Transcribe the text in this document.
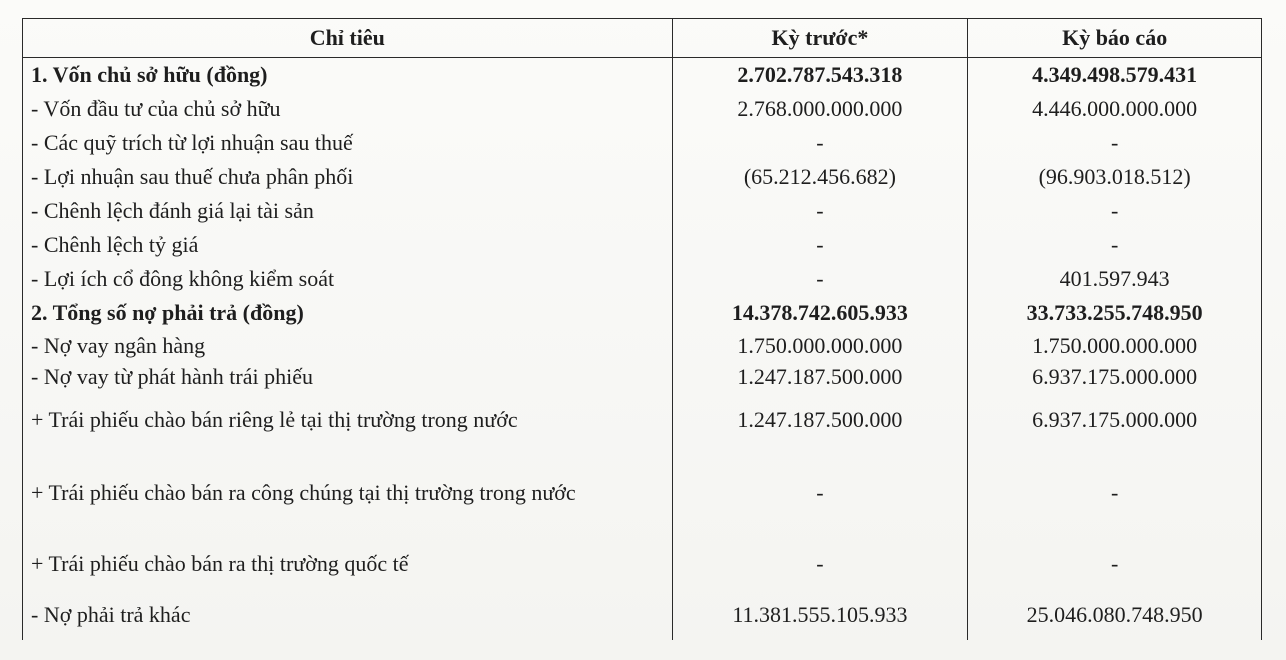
Chỉ tiêu	Kỳ trước*	Kỳ báo cáo
1. Vốn chủ sở hữu (đồng)	2.702.787.543.318	4.349.498.579.431
- Vốn đầu tư của chủ sở hữu	2.768.000.000.000	4.446.000.000.000
- Các quỹ trích từ lợi nhuận sau thuế	-	-
- Lợi nhuận sau thuế chưa phân phối	(65.212.456.682)	(96.903.018.512)
- Chênh lệch đánh giá lại tài sản	-	-
- Chênh lệch tỷ giá	-	-
- Lợi ích cổ đông không kiểm soát	-	401.597.943
2. Tổng số nợ phải trả (đồng)	14.378.742.605.933	33.733.255.748.950
- Nợ vay ngân hàng	1.750.000.000.000	1.750.000.000.000
- Nợ vay từ phát hành trái phiếu	1.247.187.500.000	6.937.175.000.000
+ Trái phiếu chào bán riêng lẻ tại thị trường trong nước	1.247.187.500.000	6.937.175.000.000
+ Trái phiếu chào bán ra công chúng tại thị trường trong nước	-	-
+ Trái phiếu chào bán ra thị trường quốc tế	-	-
- Nợ phải trả khác	11.381.555.105.933	25.046.080.748.950
